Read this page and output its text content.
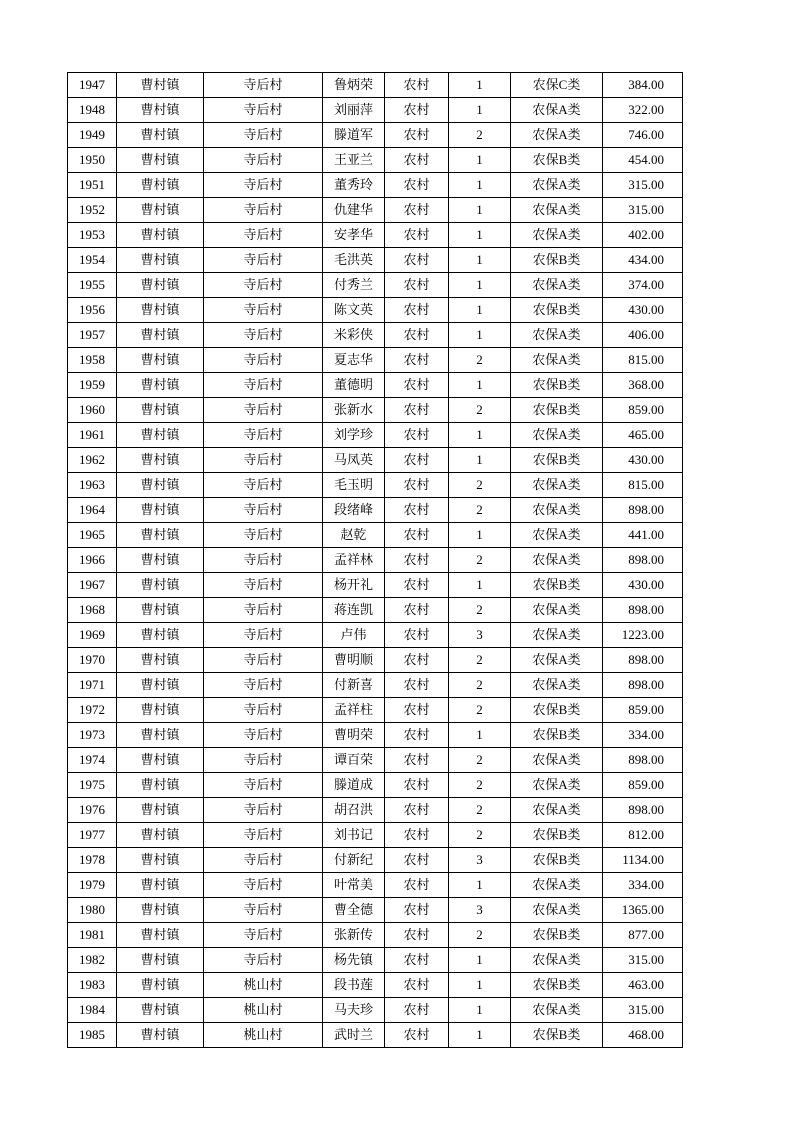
1947	曹村镇	寺后村	鲁炳荣	农村	1	农保C类	384.00
1948	曹村镇	寺后村	刘丽萍	农村	1	农保A类	322.00
1949	曹村镇	寺后村	滕道军	农村	2	农保A类	746.00
1950	曹村镇	寺后村	王亚兰	农村	1	农保B类	454.00
1951	曹村镇	寺后村	董秀玲	农村	1	农保A类	315.00
1952	曹村镇	寺后村	仇建华	农村	1	农保A类	315.00
1953	曹村镇	寺后村	安孝华	农村	1	农保A类	402.00
1954	曹村镇	寺后村	毛洪英	农村	1	农保B类	434.00
1955	曹村镇	寺后村	付秀兰	农村	1	农保A类	374.00
1956	曹村镇	寺后村	陈文英	农村	1	农保B类	430.00
1957	曹村镇	寺后村	米彩侠	农村	1	农保A类	406.00
1958	曹村镇	寺后村	夏志华	农村	2	农保A类	815.00
1959	曹村镇	寺后村	董德明	农村	1	农保B类	368.00
1960	曹村镇	寺后村	张新水	农村	2	农保B类	859.00
1961	曹村镇	寺后村	刘学珍	农村	1	农保A类	465.00
1962	曹村镇	寺后村	马凤英	农村	1	农保B类	430.00
1963	曹村镇	寺后村	毛玉明	农村	2	农保A类	815.00
1964	曹村镇	寺后村	段绪峰	农村	2	农保A类	898.00
1965	曹村镇	寺后村	赵乾	农村	1	农保A类	441.00
1966	曹村镇	寺后村	孟祥林	农村	2	农保A类	898.00
1967	曹村镇	寺后村	杨开礼	农村	1	农保B类	430.00
1968	曹村镇	寺后村	蒋连凯	农村	2	农保A类	898.00
1969	曹村镇	寺后村	卢伟	农村	3	农保A类	1223.00
1970	曹村镇	寺后村	曹明顺	农村	2	农保A类	898.00
1971	曹村镇	寺后村	付新喜	农村	2	农保A类	898.00
1972	曹村镇	寺后村	孟祥柱	农村	2	农保B类	859.00
1973	曹村镇	寺后村	曹明荣	农村	1	农保B类	334.00
1974	曹村镇	寺后村	谭百荣	农村	2	农保A类	898.00
1975	曹村镇	寺后村	滕道成	农村	2	农保A类	859.00
1976	曹村镇	寺后村	胡召洪	农村	2	农保A类	898.00
1977	曹村镇	寺后村	刘书记	农村	2	农保B类	812.00
1978	曹村镇	寺后村	付新纪	农村	3	农保B类	1134.00
1979	曹村镇	寺后村	叶常美	农村	1	农保A类	334.00
1980	曹村镇	寺后村	曹全德	农村	3	农保A类	1365.00
1981	曹村镇	寺后村	张新传	农村	2	农保B类	877.00
1982	曹村镇	寺后村	杨先镇	农村	1	农保A类	315.00
1983	曹村镇	桃山村	段书莲	农村	1	农保B类	463.00
1984	曹村镇	桃山村	马夫珍	农村	1	农保A类	315.00
1985	曹村镇	桃山村	武时兰	农村	1	农保B类	468.00
